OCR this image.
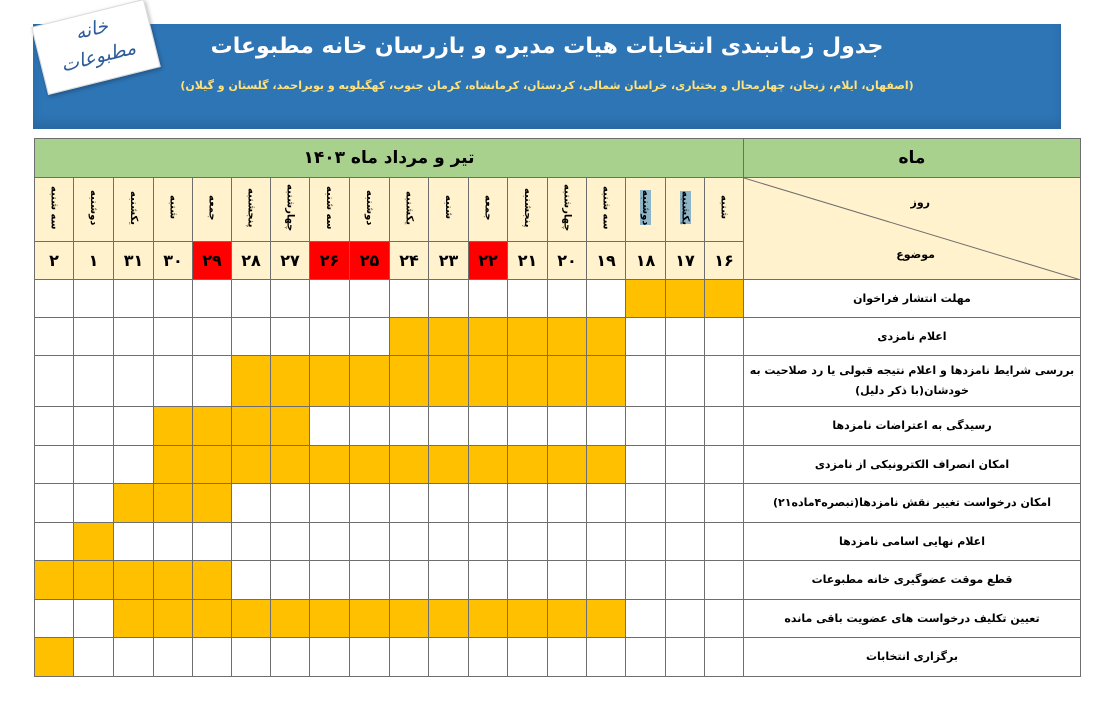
جدول زمانبندی انتخابات هیات مدیره و بازرسان خانه مطبوعات
(اصفهان، ایلام، زنجان، چهارمحال و بختیاری، خراسان شمالی، کردستان، کرمانشاه، کرمان جنوب، کهگیلویه و بویراحمد، گلستان و گیلان)
خانه
مطبوعات
تیر و مرداد ماه ۱۴۰۳																		ماه
سه شنبه	دوشنبه	یکشنبه	شنبه	جمعه	پنجشنبه	چهارشنبه	سه شنبه	دوشنبه	یکشنبه	شنبه	جمعه	پنجشنبه	چهارشنبه	سه شنبه	دوشنبه	یکشنبه	شنبه	روز
موضوع

۲	۱	۳۱	۳۰	۲۹	۲۸	۲۷	۲۶	۲۵	۲۴	۲۳	۲۲	۲۱	۲۰	۱۹	۱۸	۱۷	۱۶	
																		مهلت انتشار فراخوان
																		اعلام نامزدی
																		بررسی شرایط نامزدها و اعلام نتیجه قبولی یا رد صلاحیت به خودشان(با ذکر دلیل)
																		رسیدگی به اعتراضات نامزدها
																		امکان انصراف الکترونیکی از نامزدی
																		امکان درخواست تغییر نقش نامزدها(تبصره۴ماده۲۱)
																		اعلام نهایی اسامی نامزدها
																		قطع موقت عضوگیری خانه مطبوعات
																		تعیین تکلیف درخواست های عضویت باقی مانده
																		برگزاری انتخابات
